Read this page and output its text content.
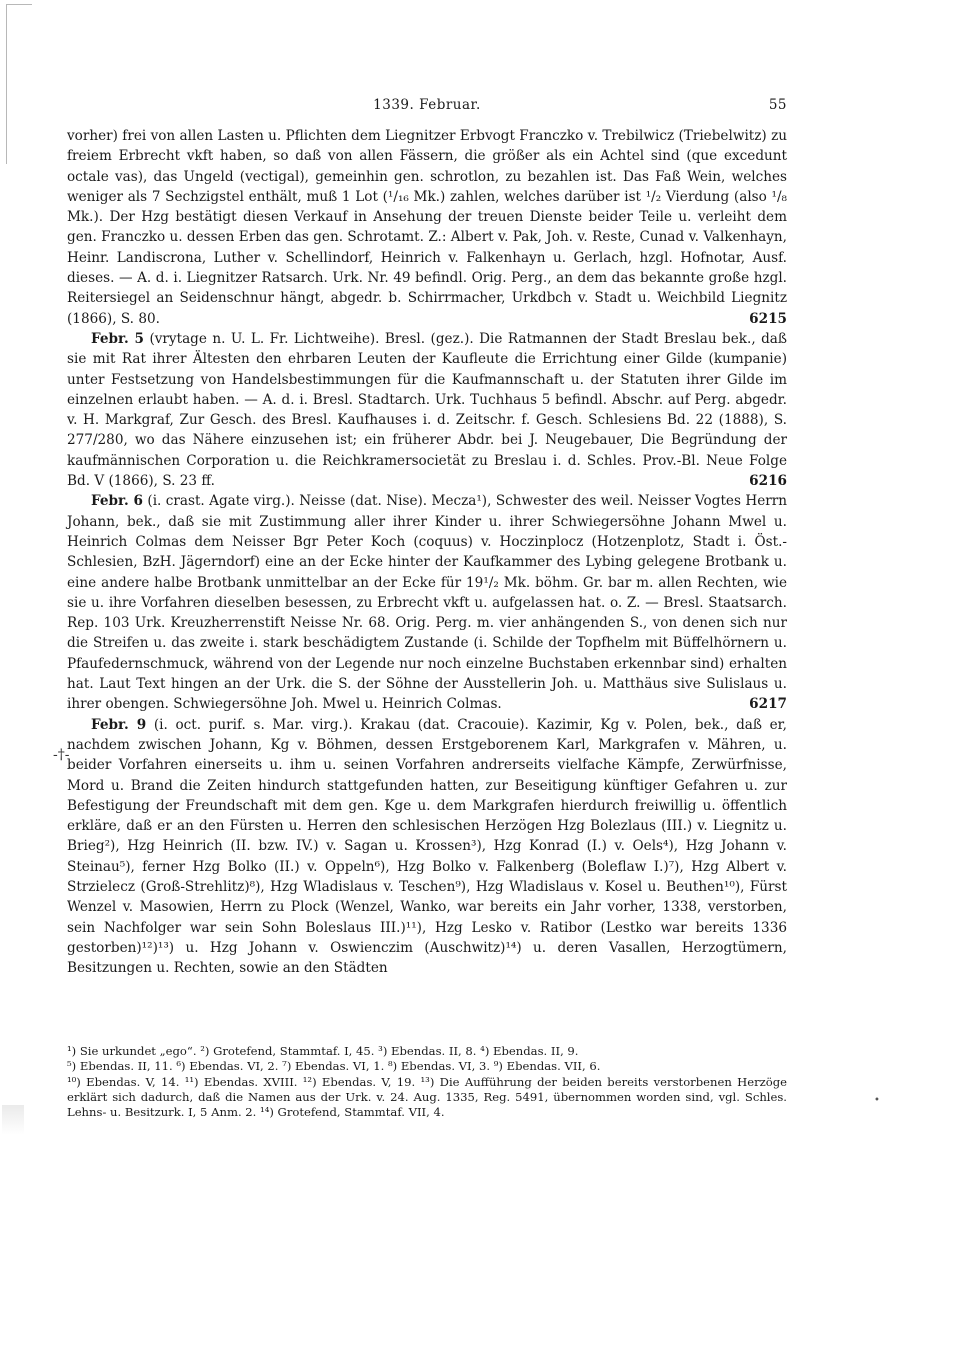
1339. Februar.	55
-†-

vorher) frei von allen Lasten u. Pflichten dem Liegnitzer Erbvogt Franczko v. Trebilwicz (Triebelwitz) zu freiem Erbrecht vkft haben, so daß von allen Fässern, die größer als ein Achtel sind (que excedunt octale vas), das Ungeld (vectigal), gemeinhin gen. schrotlon, zu bezahlen ist. Das Faß Wein, welches weniger als 7 Sechzigstel enthält, muß 1 Lot (¹/₁₆ Mk.) zahlen, welches darüber ist ¹/₂ Vierdung (also ¹/₈ Mk.). Der Hzg bestätigt diesen Verkauf in Ansehung der treuen Dienste beider Teile u. verleiht dem gen. Franczko u. dessen Erben das gen. Schrotamt. Z.: Albert v. Pak, Joh. v. Reste, Cunad v. Valkenhayn, Heinr. Landiscrona, Luther v. Schellindorf, Heinrich v. Falkenhayn u. Gerlach, hzgl. Hofnotar, Ausf. dieses. — A. d. i. Liegnitzer Ratsarch. Urk. Nr. 49 befindl. Orig. Perg., an dem das bekannte große hzgl. Reitersiegel an Seidenschnur hängt, abgedr. b. Schirrmacher, Urkdbch v. Stadt u. Weichbild Liegnitz (1866), S. 80.	6215

Febr. 5 (vrytage n. U. L. Fr. Lichtweihe). Bresl. (gez.). Die Ratmannen der Stadt Breslau bek., daß sie mit Rat ihrer Ältesten den ehrbaren Leuten der Kaufleute die Errichtung einer Gilde (kumpanie) unter Festsetzung von Handelsbestimmungen für die Kaufmannschaft u. der Statuten ihrer Gilde im einzelnen erlaubt haben. — A. d. i. Bresl. Stadtarch. Urk. Tuchhaus 5 befindl. Abschr. auf Perg. abgedr. v. H. Markgraf, Zur Gesch. des Bresl. Kaufhauses i. d. Zeitschr. f. Gesch. Schlesiens Bd. 22 (1888), S. 277/280, wo das Nähere einzusehen ist; ein früherer Abdr. bei J. Neugebauer, Die Begründung der kaufmännischen Corporation u. die Reichkramersocietät zu Breslau i. d. Schles. Prov.-Bl. Neue Folge Bd. V (1866), S. 23 ff.	6216

Febr. 6 (i. crast. Agate virg.). Neisse (dat. Nise). Mecza¹), Schwester des weil. Neisser Vogtes Herrn Johann, bek., daß sie mit Zustimmung aller ihrer Kinder u. ihrer Schwiegersöhne Johann Mwel u. Heinrich Colmas dem Neisser Bgr Peter Koch (coquus) v. Hoczinplocz (Hotzenplotz, Stadt i. Öst.-Schlesien, BzH. Jägerndorf) eine an der Ecke hinter der Kaufkammer des Lybing gelegene Brotbank u. eine andere halbe Brotbank unmittelbar an der Ecke für 19¹/₂ Mk. böhm. Gr. bar m. allen Rechten, wie sie u. ihre Vorfahren dieselben besessen, zu Erbrecht vkft u. aufgelassen hat. o. Z. — Bresl. Staatsarch. Rep. 103 Urk. Kreuzherrenstift Neisse Nr. 68. Orig. Perg. m. vier anhängenden S., von denen sich nur die Streifen u. das zweite i. stark beschädigtem Zustande (i. Schilde der Topfhelm mit Büffelhörnern u. Pfaufedernschmuck, während von der Legende nur noch einzelne Buchstaben erkennbar sind) erhalten hat. Laut Text hingen an der Urk. die S. der Söhne der Ausstellerin Joh. u. Matthäus sive Sulislaus u. ihrer obengen. Schwiegersöhne Joh. Mwel u. Heinrich Colmas.	6217

Febr. 9 (i. oct. purif. s. Mar. virg.). Krakau (dat. Cracouie). Kazimir, Kg v. Polen, bek., daß er, nachdem zwischen Johann, Kg v. Böhmen, dessen Erstgeborenem Karl, Markgrafen v. Mähren, u. beider Vorfahren einerseits u. ihm u. seinen Vorfahren andrerseits vielfache Kämpfe, Zerwürfnisse, Mord u. Brand die Zeiten hindurch stattgefunden hatten, zur Beseitigung künftiger Gefahren u. zur Befestigung der Freundschaft mit dem gen. Kge u. dem Markgrafen hierdurch freiwillig u. öffentlich erkläre, daß er an den Fürsten u. Herren den schlesischen Herzögen Hzg Bolezlaus (III.) v. Liegnitz u. Brieg²), Hzg Heinrich (II. bzw. IV.) v. Sagan u. Krossen³), Hzg Konrad (I.) v. Oels⁴), Hzg Johann v. Steinau⁵), ferner Hzg Bolko (II.) v. Oppeln⁶), Hzg Bolko v. Falkenberg (Boleflaw I.)⁷), Hzg Albert v. Strzielecz (Groß-Strehlitz)⁸), Hzg Wladislaus v. Teschen⁹), Hzg Wladislaus v. Kosel u. Beuthen¹⁰), Fürst Wenzel v. Masowien, Herrn zu Plock (Wenzel, Wanko, war bereits ein Jahr vorher, 1338, verstorben, sein Nachfolger war sein Sohn Boleslaus III.)¹¹), Hzg Lesko v. Ratibor (Lestko war bereits 1336 gestorben)¹²)¹³) u. Hzg Johann v. Oswienczim (Auschwitz)¹⁴) u. deren Vasallen, Herzogtümern, Besitzungen u. Rechten, sowie an den Städten

¹) Sie urkundet „ego“. ²) Grotefend, Stammtaf. I, 45. ³) Ebendas. II, 8. ⁴) Ebendas. II, 9.

⁵) Ebendas. II, 11. ⁶) Ebendas. VI, 2. ⁷) Ebendas. VI, 1. ⁸) Ebendas. VI, 3. ⁹) Ebendas. VII, 6.

¹⁰) Ebendas. V, 14. ¹¹) Ebendas. XVIII. ¹²) Ebendas. V, 19. ¹³) Die Aufführung der beiden bereits verstorbenen Herzöge erklärt sich dadurch, daß die Namen aus der Urk. v. 24. Aug. 1335, Reg. 5491, übernommen worden sind, vgl. Schles. Lehns- u. Besitzurk. I, 5 Anm. 2. ¹⁴) Grotefend, Stammtaf. VII, 4.

•
